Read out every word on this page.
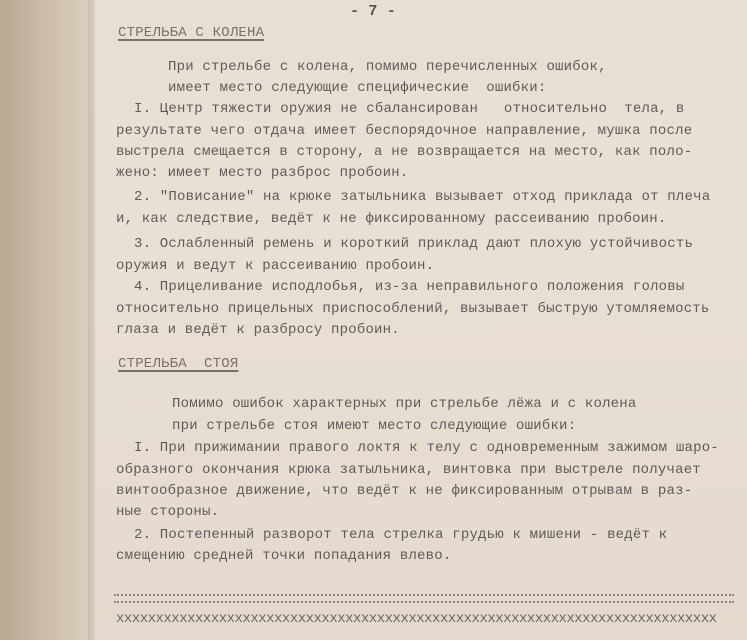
- 7 -
СТРЕЛЬБА С КОЛЕНА
При стрельбе с колена, помимо перечисленных ошибок,
имеет место следующие специфические  ошибки:
I. Центр тяжести оружия не сбалансирован   относительно  тела, в
результате чего отдача имеет беспорядочное направление, мушка после
выстрела смещается в сторону, а не возвращается на место, как поло-
жено: имеет место разброс пробоин.
2. "Повисание" на крюке затыльника вызывает отход приклада от плеча
и, как следствие, ведёт к не фиксированному рассеиванию пробоин.
3. Ослабленный ремень и короткий приклад дают плохую устойчивость
оружия и ведут к рассеиванию пробоин.
4. Прицеливание исподлобья, из-за неправильного положения головы
относительно прицельных приспособлений, вызывает быструю утомляемость
глаза и ведёт к разбросу пробоин.
СТРЕЛЬБА  СТОЯ
Помимо ошибок характерных при стрельбе лёжа и с колена
при стрельбе стоя имеют место следующие ошибки:
I. При прижимании правого локтя к телу с одновременным зажимом шаро-
образного окончания крюка затыльника, винтовка при выстреле получает
винтообразное движение, что ведёт к не фиксированным отрывам в раз-
ные стороны.
2. Постепенный разворот тела стрелка грудью к мишени - ведёт к
смещению средней точки попадания влево.
xxxxxxxxxxxxxxxxxxxxxxxxxxxxxxxxxxxxxxxxxxxxxxxxxxxxxxxxxxxxxxxxxxxxxxxxxxxx
